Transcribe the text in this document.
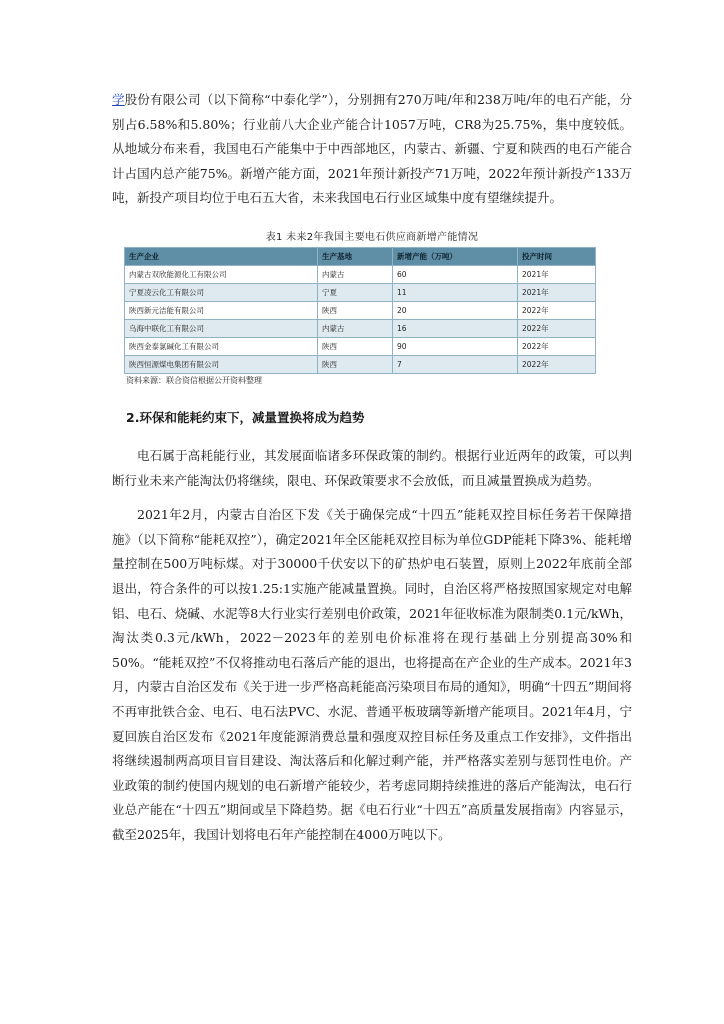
学股份有限公司（以下简称“中泰化学”），分别拥有270万吨/年和238万吨/年的电石产能，分别占6.58%和5.80%；行业前八大企业产能合计1057万吨，CR8为25.75%，集中度较低。从地域分布来看，我国电石产能集中于中西部地区，内蒙古、新疆、宁夏和陕西的电石产能合计占国内总产能75%。新增产能方面，2021年预计新投产71万吨，2022年预计新投产133万吨，新投产项目均位于电石五大省，未来我国电石行业区域集中度有望继续提升。

表1 未来2年我国主要电石供应商新增产能情况
生产企业	生产基地	新增产能（万吨）	投产时间
内蒙古双欣能源化工有限公司	内蒙古	60	2021年
宁夏凌云化工有限公司	宁夏	11	2021年
陕西新元洁能有限公司	陕西	20	2022年
乌海中联化工有限公司	内蒙古	16	2022年
陕西金泰氯碱化工有限公司	陕西	90	2022年
陕西恒源煤电集团有限公司	陕西	7	2022年
资料来源：联合资信根据公开资料整理
2.环保和能耗约束下，减量置换将成为趋势

电石属于高耗能行业，其发展面临诸多环保政策的制约。根据行业近两年的政策，可以判断行业未来产能淘汰仍将继续，限电、环保政策要求不会放低，而且减量置换成为趋势。

2021年2月，内蒙古自治区下发《关于确保完成“十四五”能耗双控目标任务若干保障措施》（以下简称“能耗双控”），确定2021年全区能耗双控目标为单位GDP能耗下降3%、能耗增量控制在500万吨标煤。对于30000千伏安以下的矿热炉电石装置，原则上2022年底前全部退出，符合条件的可以按1.25:1实施产能减量置换。同时，自治区将严格按照国家规定对电解铝、电石、烧碱、水泥等8大行业实行差别电价政策，2021年征收标准为限制类0.1元/kWh，淘汰类0.3元/kWh，2022－2023年的差别电价标准将在现行基础上分别提高30%和50%。“能耗双控”不仅将推动电石落后产能的退出，也将提高在产企业的生产成本。2021年3月，内蒙古自治区发布《关于进一步严格高耗能高污染项目布局的通知》，明确“十四五”期间将不再审批铁合金、电石、电石法PVC、水泥、普通平板玻璃等新增产能项目。2021年4月，宁夏回族自治区发布《2021年度能源消费总量和强度双控目标任务及重点工作安排》，文件指出将继续遏制两高项目盲目建设、淘汰落后和化解过剩产能，并严格落实差别与惩罚性电价。产业政策的制约使国内规划的电石新增产能较少，若考虑同期持续推进的落后产能淘汰，电石行业总产能在“十四五”期间或呈下降趋势。据《电石行业“十四五”高质量发展指南》内容显示，截至2025年，我国计划将电石年产能控制在4000万吨以下。
